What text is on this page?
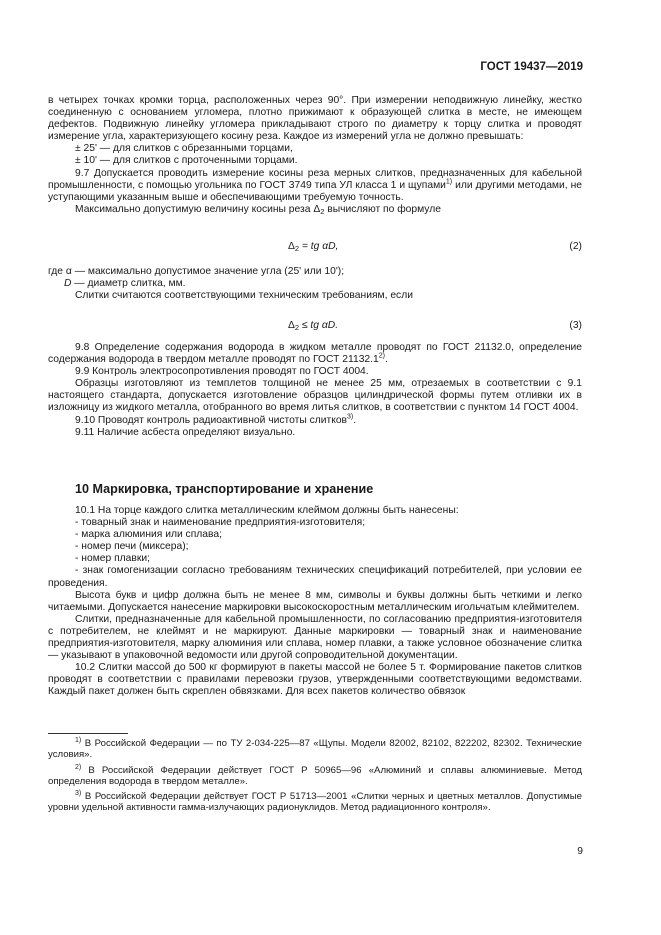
ГОСТ 19437—2019

в четырех точках кромки торца, расположенных через 90°. При измерении неподвижную линейку, жестко соединенную с основанием угломера, плотно прижимают к образующей слитка в месте, не имеющем дефектов. Подвижную линейку угломера прикладывают строго по диаметру к торцу слитка и проводят измерение угла, характеризующего косину реза. Каждое из измерений угла не должно превышать:

± 25' — для слитков с обрезанными торцами,

± 10' — для слитков с проточенными торцами.

9.7 Допускается проводить измерение косины реза мерных слитков, предназначенных для кабельной промышленности, с помощью угольника по ГОСТ 3749 типа УЛ класса 1 и щупами$^{1)}$ или другими методами, не уступающими указанным выше и обеспечивающими требуемую точность.

Максимально допустимую величину косины реза Δ2 вычисляют по формуле

Δ2 = tg αD,	(2)

где α — максимально допустимое значение угла (25' или 10');

D — диаметр слитка, мм.

Слитки считаются соответствующими техническим требованиям, если

Δ2 ≤ tg αD.	(3)

9.8 Определение содержания водорода в жидком металле проводят по ГОСТ 21132.0, определение содержания водорода в твердом металле проводят по ГОСТ 21132.1$^{2)}$.

9.9 Контроль электросопротивления проводят по ГОСТ 4004.

Образцы изготовляют из темплетов толщиной не менее 25 мм, отрезаемых в соответствии с 9.1 настоящего стандарта, допускается изготовление образцов цилиндрической формы путем отливки их в изложницу из жидкого металла, отобранного во время литья слитков, в соответствии с пунктом 14 ГОСТ 4004.

9.10 Проводят контроль радиоактивной чистоты слитков$^{3)}$.

9.11 Наличие асбеста определяют визуально.

10 Маркировка, транспортирование и хранение

10.1 На торце каждого слитка металлическим клеймом должны быть нанесены:

- товарный знак и наименование предприятия-изготовителя;

- марка алюминия или сплава;

- номер печи (миксера);

- номер плавки;

- знак гомогенизации согласно требованиям технических спецификаций потребителей, при условии ее проведения.

Высота букв и цифр должна быть не менее 8 мм, символы и буквы должны быть четкими и легко читаемыми. Допускается нанесение маркировки высокоскоростным металлическим игольчатым клеймителем.

Слитки, предназначенные для кабельной промышленности, по согласованию предприятия-изготовителя с потребителем, не клеймят и не маркируют. Данные маркировки — товарный знак и наименование предприятия-изготовителя, марку алюминия или сплава, номер плавки, а также условное обозначение слитка — указывают в упаковочной ведомости или другой сопроводительной документации.

10.2 Слитки массой до 500 кг формируют в пакеты массой не более 5 т. Формирование пакетов слитков проводят в соответствии с правилами перевозки грузов, утвержденными соответствующими ведомствами. Каждый пакет должен быть скреплен обвязками. Для всех пакетов количество обвязок

$^{1)}$ В Российской Федерации — по ТУ 2-034-225—87 «Щупы. Модели 82002, 82102, 822202, 82302. Технические условия».

$^{2)}$ В Российской Федерации действует ГОСТ Р 50965—96 «Алюминий и сплавы алюминиевые. Метод определения водорода в твердом металле».

$^{3)}$ В Российской Федерации действует ГОСТ Р 51713—2001 «Слитки черных и цветных металлов. Допустимые уровни удельной активности гамма-излучающих радионуклидов. Метод радиационного контроля».

9
